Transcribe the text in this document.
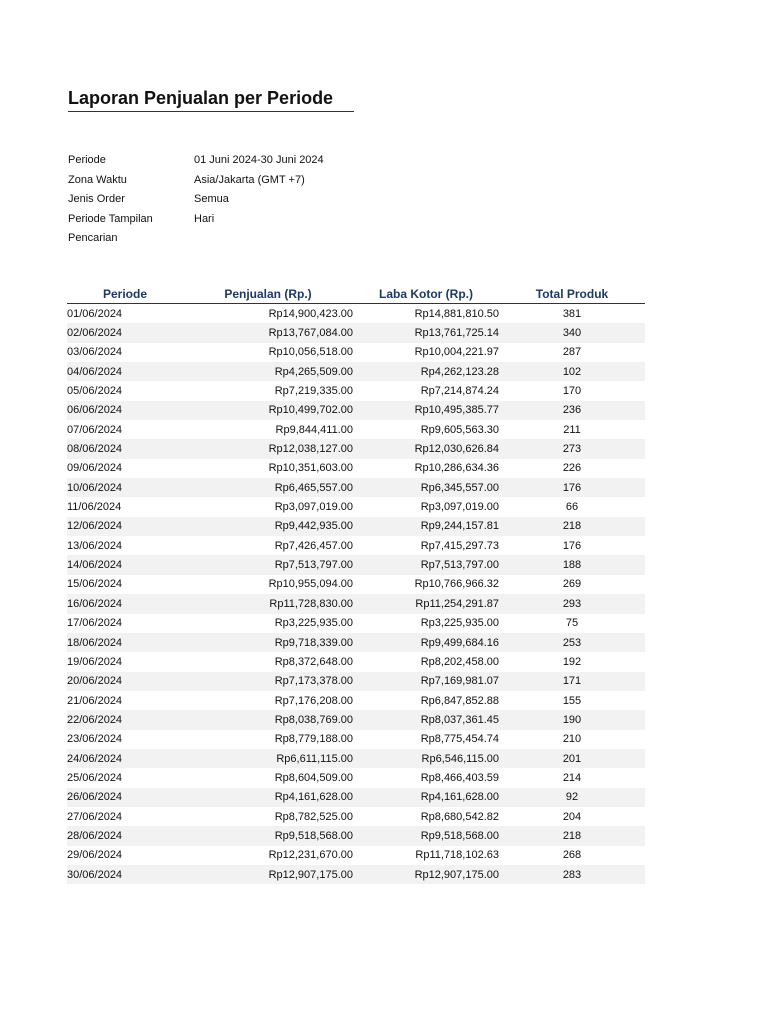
Laporan Penjualan per Periode
Periode	01 Juni 2024-30 Juni 2024
Zona Waktu	Asia/Jakarta (GMT +7)
Jenis Order	Semua
Periode Tampilan	Hari
Pencarian
Periode	Penjualan (Rp.)	Laba Kotor (Rp.)	Total Produk
01/06/2024	Rp14,900,423.00	Rp14,881,810.50	381
02/06/2024	Rp13,767,084.00	Rp13,761,725.14	340
03/06/2024	Rp10,056,518.00	Rp10,004,221.97	287
04/06/2024	Rp4,265,509.00	Rp4,262,123.28	102
05/06/2024	Rp7,219,335.00	Rp7,214,874.24	170
06/06/2024	Rp10,499,702.00	Rp10,495,385.77	236
07/06/2024	Rp9,844,411.00	Rp9,605,563.30	211
08/06/2024	Rp12,038,127.00	Rp12,030,626.84	273
09/06/2024	Rp10,351,603.00	Rp10,286,634.36	226
10/06/2024	Rp6,465,557.00	Rp6,345,557.00	176
11/06/2024	Rp3,097,019.00	Rp3,097,019.00	66
12/06/2024	Rp9,442,935.00	Rp9,244,157.81	218
13/06/2024	Rp7,426,457.00	Rp7,415,297.73	176
14/06/2024	Rp7,513,797.00	Rp7,513,797.00	188
15/06/2024	Rp10,955,094.00	Rp10,766,966.32	269
16/06/2024	Rp11,728,830.00	Rp11,254,291.87	293
17/06/2024	Rp3,225,935.00	Rp3,225,935.00	75
18/06/2024	Rp9,718,339.00	Rp9,499,684.16	253
19/06/2024	Rp8,372,648.00	Rp8,202,458.00	192
20/06/2024	Rp7,173,378.00	Rp7,169,981.07	171
21/06/2024	Rp7,176,208.00	Rp6,847,852.88	155
22/06/2024	Rp8,038,769.00	Rp8,037,361.45	190
23/06/2024	Rp8,779,188.00	Rp8,775,454.74	210
24/06/2024	Rp6,611,115.00	Rp6,546,115.00	201
25/06/2024	Rp8,604,509.00	Rp8,466,403.59	214
26/06/2024	Rp4,161,628.00	Rp4,161,628.00	92
27/06/2024	Rp8,782,525.00	Rp8,680,542.82	204
28/06/2024	Rp9,518,568.00	Rp9,518,568.00	218
29/06/2024	Rp12,231,670.00	Rp11,718,102.63	268
30/06/2024	Rp12,907,175.00	Rp12,907,175.00	283
